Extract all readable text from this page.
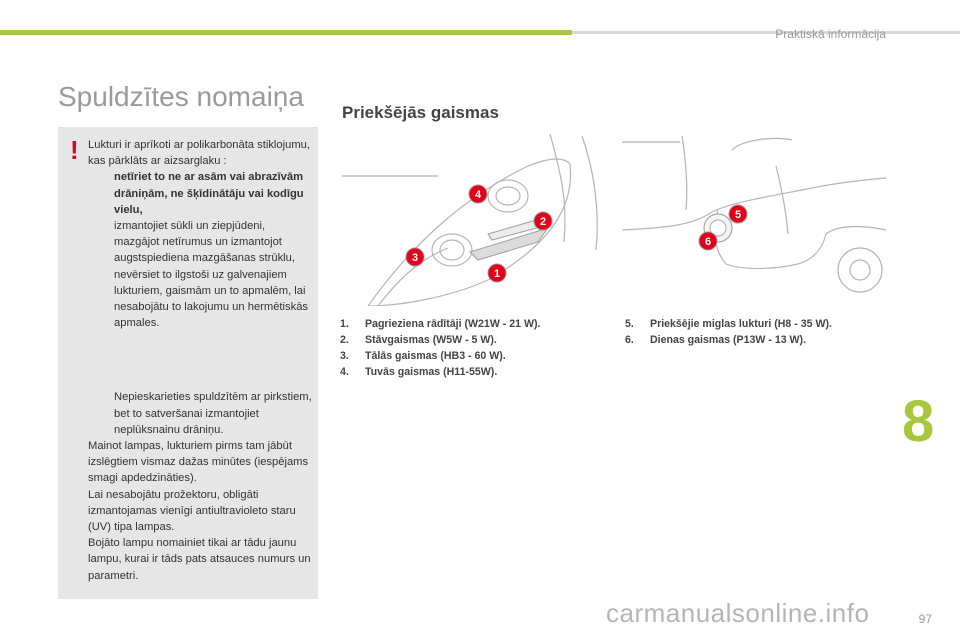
Praktiskā informācija
Spuldzītes nomaiņa
! Lukturi ir aprīkoti ar polikarbonāta stiklojumu, kas pārklāts ar aizsarglaku :

netīriet to ne ar asām vai abrazīvām drāniņām, ne šķīdinātāju vai kodīgu vielu,

izmantojiet sūkli un ziepjūdeni,

mazgājot netīrumus un izmantojot augstspiediena mazgāšanas strūklu, nevērsiet to ilgstoši uz galvenajiem lukturiem, gaismām un to apmalēm, lai nesabojātu to lakojumu un hermētiskās apmales.

Nepieskarieties spuldzītēm ar pirkstiem, bet to satveršanai izmantojiet neplūksnainu drāniņu.

Mainot lampas, lukturiem pirms tam jābūt izslēgtiem vismaz dažas minūtes (iespējams smagi apdedzināties).

Lai nesabojātu prožektoru, obligāti izmantojamas vienīgi antiultravioleto staru (UV) tipa lampas.

Bojāto lampu nomainiet tikai ar tādu jaunu lampu, kurai ir tāds pats atsauces numurs un parametri.

Priekšējās gaismas
4
2
3
1
5
6
1. Pagrieziena rādītāji (W21W - 21 W).
2. Stāvgaismas (W5W - 5 W).
3. Tālās gaismas (HB3 - 60 W).
4. Tuvās gaismas (H11-55W).
5. Priekšējie miglas lukturi (H8 - 35 W).
6. Dienas gaismas (P13W - 13 W).
8
97
carmanualsonline.info
